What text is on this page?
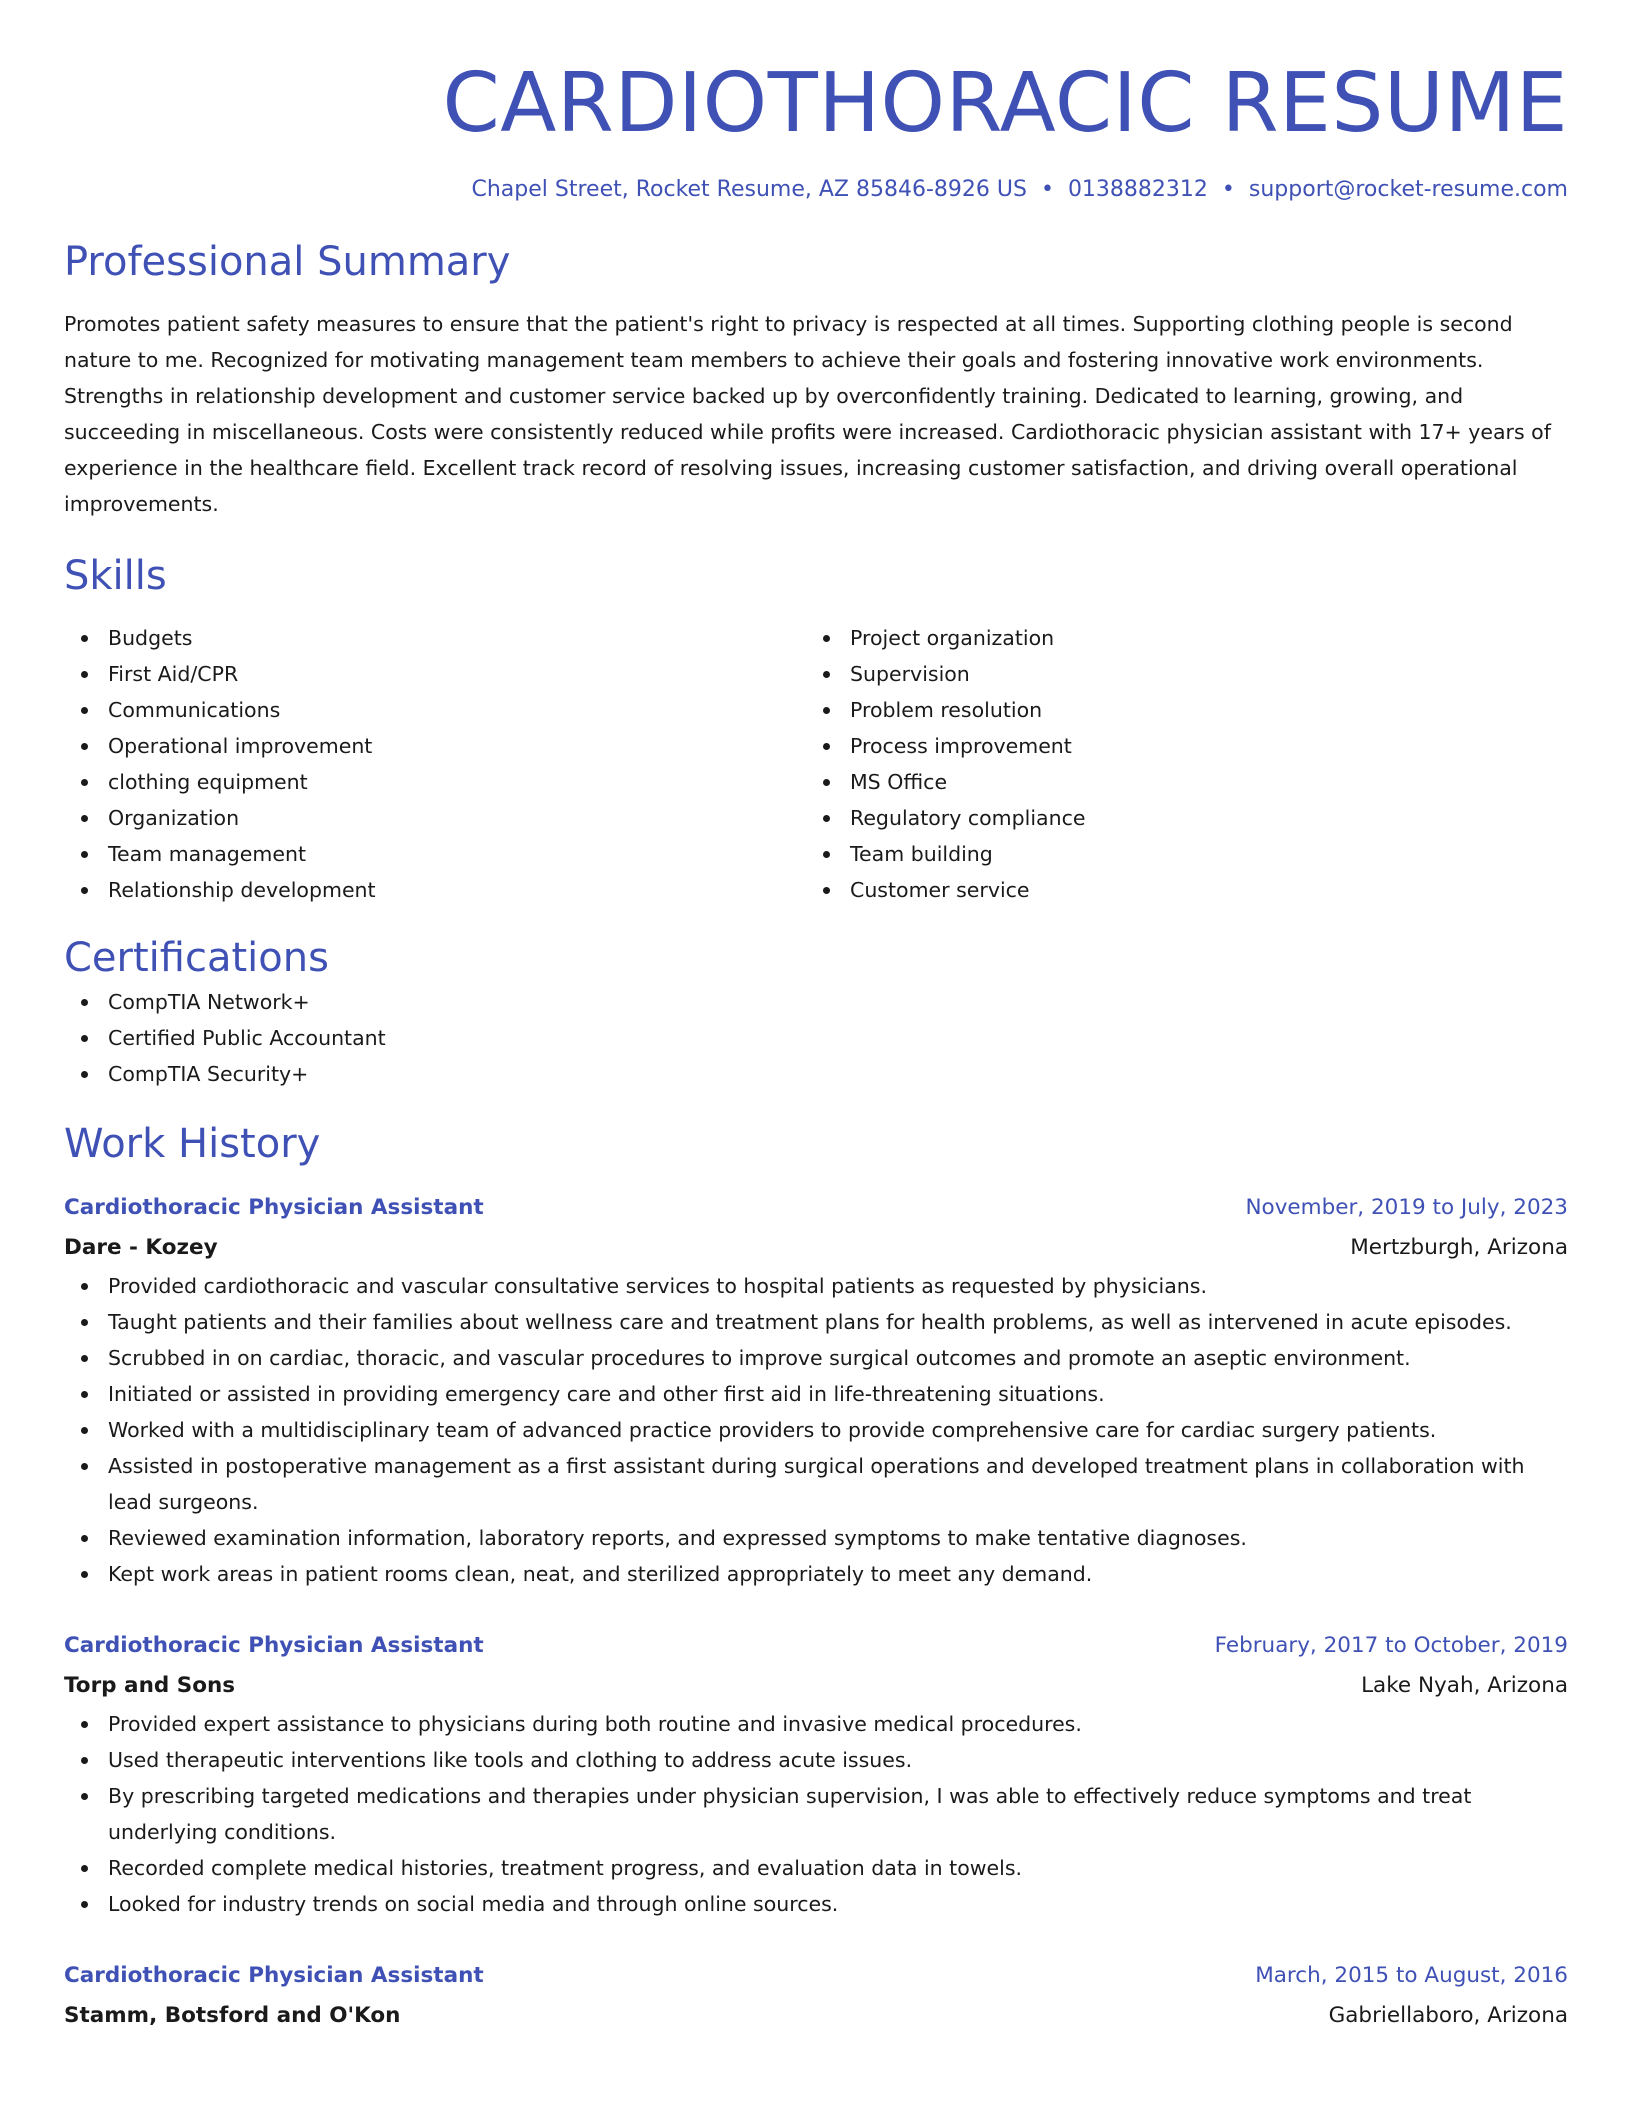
CARDIOTHORACIC RESUME
Chapel Street, Rocket Resume, AZ 85846-8926 US • 0138882312 • support@rocket-resume.com
Professional Summary
Promotes patient safety measures to ensure that the patient's right to privacy is respected at all times. Supporting clothing people is second nature to me. Recognized for motivating management team members to achieve their goals and fostering innovative work environments. Strengths in relationship development and customer service backed up by overconfidently training. Dedicated to learning, growing, and succeeding in miscellaneous. Costs were consistently reduced while profits were increased. Cardiothoracic physician assistant with 17+ years of experience in the healthcare field. Excellent track record of resolving issues, increasing customer satisfaction, and driving overall operational improvements.
Skills
Budgets
First Aid/CPR
Communications
Operational improvement
clothing equipment
Organization
Team management
Relationship development
Project organization
Supervision
Problem resolution
Process improvement
MS Office
Regulatory compliance
Team building
Customer service
Certifications
CompTIA Network+
Certified Public Accountant
CompTIA Security+
Work History
Cardiothoracic Physician Assistant	November, 2019 to July, 2023
Dare - Kozey	Mertzburgh, Arizona
Provided cardiothoracic and vascular consultative services to hospital patients as requested by physicians.
Taught patients and their families about wellness care and treatment plans for health problems, as well as intervened in acute episodes.
Scrubbed in on cardiac, thoracic, and vascular procedures to improve surgical outcomes and promote an aseptic environment.
Initiated or assisted in providing emergency care and other first aid in life-threatening situations.
Worked with a multidisciplinary team of advanced practice providers to provide comprehensive care for cardiac surgery patients.
Assisted in postoperative management as a first assistant during surgical operations and developed treatment plans in collaboration with lead surgeons.
Reviewed examination information, laboratory reports, and expressed symptoms to make tentative diagnoses.
Kept work areas in patient rooms clean, neat, and sterilized appropriately to meet any demand.
Cardiothoracic Physician Assistant	February, 2017 to October, 2019
Torp and Sons	Lake Nyah, Arizona
Provided expert assistance to physicians during both routine and invasive medical procedures.
Used therapeutic interventions like tools and clothing to address acute issues.
By prescribing targeted medications and therapies under physician supervision, I was able to effectively reduce symptoms and treat underlying conditions.
Recorded complete medical histories, treatment progress, and evaluation data in towels.
Looked for industry trends on social media and through online sources.
Cardiothoracic Physician Assistant	March, 2015 to August, 2016
Stamm, Botsford and O'Kon	Gabriellaboro, Arizona
